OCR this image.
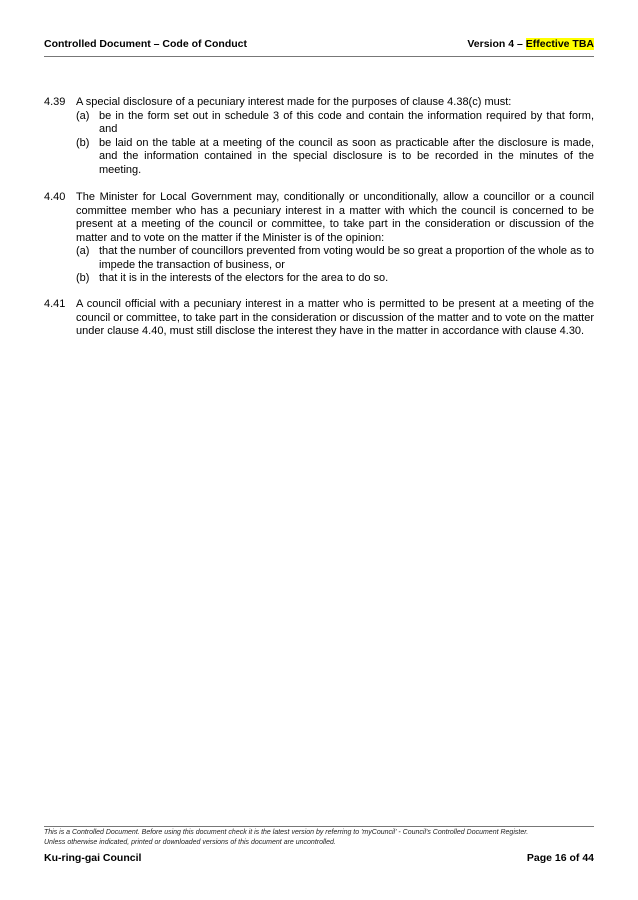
Controlled Document – Code of Conduct	Version 4 – Effective TBA
4.39 A special disclosure of a pecuniary interest made for the purposes of clause 4.38(c) must:
(a) be in the form set out in schedule 3 of this code and contain the information required by that form, and
(b) be laid on the table at a meeting of the council as soon as practicable after the disclosure is made, and the information contained in the special disclosure is to be recorded in the minutes of the meeting.
4.40 The Minister for Local Government may, conditionally or unconditionally, allow a councillor or a council committee member who has a pecuniary interest in a matter with which the council is concerned to be present at a meeting of the council or committee, to take part in the consideration or discussion of the matter and to vote on the matter if the Minister is of the opinion:
(a) that the number of councillors prevented from voting would be so great a proportion of the whole as to impede the transaction of business, or
(b) that it is in the interests of the electors for the area to do so.
4.41 A council official with a pecuniary interest in a matter who is permitted to be present at a meeting of the council or committee, to take part in the consideration or discussion of the matter and to vote on the matter under clause 4.40, must still disclose the interest they have in the matter in accordance with clause 4.30.
This is a Controlled Document. Before using this document check it is the latest version by referring to 'myCouncil' - Council's Controlled Document Register.
Unless otherwise indicated, printed or downloaded versions of this document are uncontrolled.
Ku-ring-gai Council	Page 16 of 44
